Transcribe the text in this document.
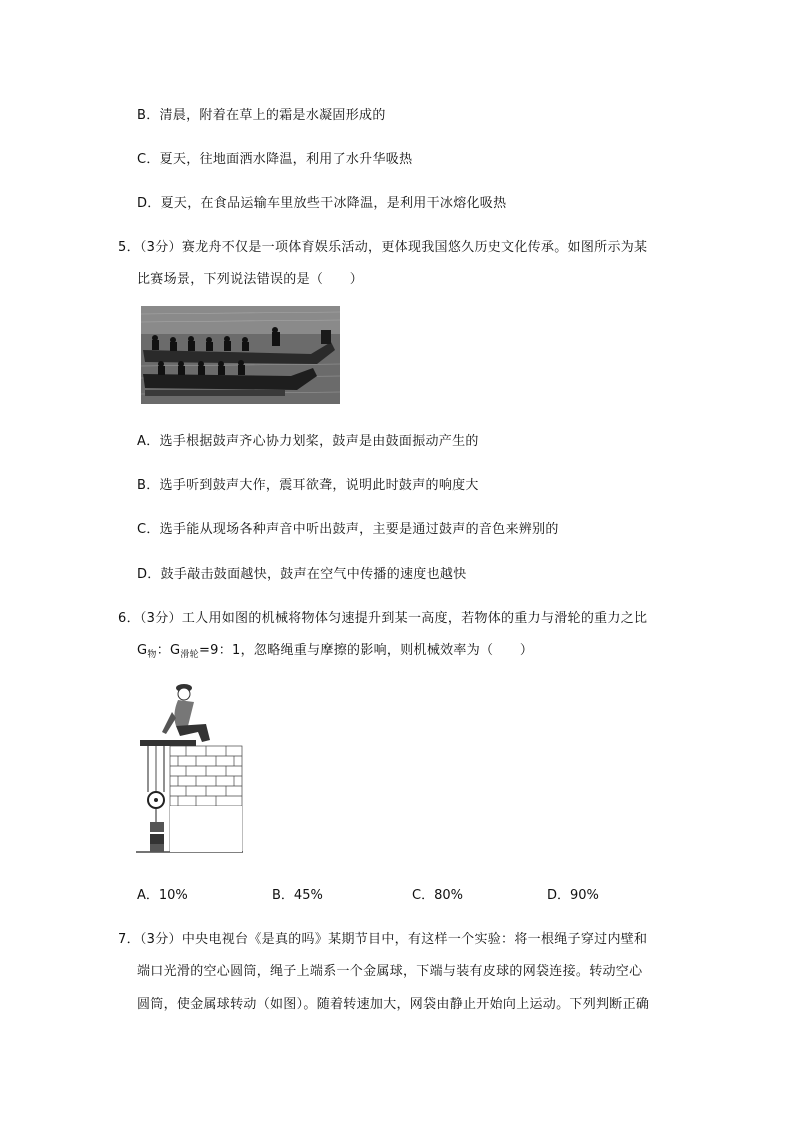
B．清晨，附着在草上的霜是水凝固形成的
C．夏天，往地面洒水降温，利用了水升华吸热
D．夏天，在食品运输车里放些干冰降温，是利用干冰熔化吸热
5．（3分）赛龙舟不仅是一项体育娱乐活动，更体现我国悠久历史文化传承。如图所示为某
比赛场景，下列说法错误的是（　　）
A．选手根据鼓声齐心协力划桨，鼓声是由鼓面振动产生的
B．选手听到鼓声大作，震耳欲聋，说明此时鼓声的响度大
C．选手能从现场各种声音中听出鼓声，主要是通过鼓声的音色来辨别的
D．鼓手敲击鼓面越快，鼓声在空气中传播的速度也越快
6．（3分）工人用如图的机械将物体匀速提升到某一高度，若物体的重力与滑轮的重力之比
$G_物$：$G_{滑轮}=9$：1，忽略绳重与摩擦的影响，则机械效率为（　　）
A．10%	B．45%	C．80%	D．90%
7．（3分）中央电视台《是真的吗》某期节目中，有这样一个实验：将一根绳子穿过内壁和
端口光滑的空心圆筒，绳子上端系一个金属球，下端与装有皮球的网袋连接。转动空心
圆筒，使金属球转动（如图）。随着转速加大，网袋由静止开始向上运动。下列判断正确
